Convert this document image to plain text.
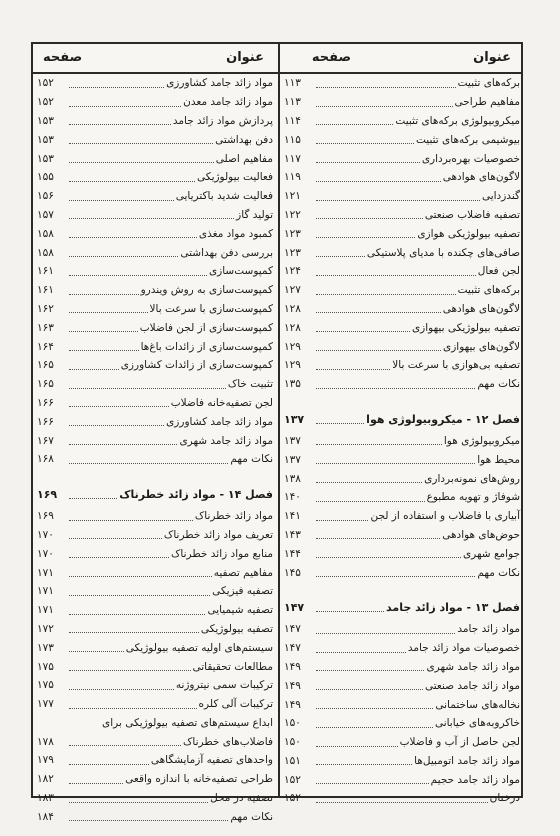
عنوان
صفحه
عنوان
صفحه
برکه‌های تثبیت
۱۱۳
مفاهیم طراحی
۱۱۳
میکروبیولوژی برکه‌های تثبیت
۱۱۴
بیوشیمی برکه‌های تثبیت
۱۱۵
خصوصیات بهره‌برداری
۱۱۷
لاگون‌های هوادهی
۱۱۹
گندزدایی
۱۲۱
تصفیه فاضلاب صنعتی
۱۲۲
تصفیه بیولوژیکی هوازی
۱۲۳
صافی‌های چکنده با مدیای پلاستیکی
۱۲۳
لجن فعال
۱۲۴
برکه‌های تثبیت
۱۲۷
لاگون‌های هوادهی
۱۲۸
تصفیه بیولوژیکی بیهوازی
۱۲۸
لاگون‌های بیهوازی
۱۲۹
تصفیه بی‌هوازی با سرعت بالا
۱۲۹
نکات مهم
۱۳۵
فصل ۱۲ - میکروبیولوژی هوا
۱۳۷
میکروبیولوژی هوا
۱۳۷
محیط هوا
۱۳۷
روش‌های نمونه‌برداری
۱۳۸
شوفاژ و تهویه مطبوع
۱۴۰
آبیاری با فاضلاب و استفاده از لجن
۱۴۱
حوض‌های هوادهی
۱۴۳
جوامع شهری
۱۴۴
نکات مهم
۱۴۵
فصل ۱۳ - مواد زائد جامد
۱۴۷
مواد زائد جامد
۱۴۷
خصوصیات مواد زائد جامد
۱۴۷
مواد زائد جامد شهری
۱۴۹
مواد زائد جامد صنعتی
۱۴۹
نخاله‌های ساختمانی
۱۴۹
خاکروبه‌های خیابانی
۱۵۰
لجن حاصل از آب و فاضلاب
۱۵۰
مواد زائد جامد اتومبیل‌ها
۱۵۱
مواد زائد جامد حجیم
۱۵۲
درختان
۱۵۲
مواد زائد جامد کشاورزی
۱۵۲
مواد زائد جامد معدن
۱۵۲
پردازش مواد زائد جامد
۱۵۳
دفن بهداشتی
۱۵۳
مفاهیم اصلی
۱۵۳
فعالیت بیولوژیکی
۱۵۵
فعالیت شدید باکتریایی
۱۵۶
تولید گاز
۱۵۷
کمبود مواد مغذی
۱۵۸
بررسی دفن بهداشتی
۱۵۸
کمپوست‌سازی
۱۶۱
کمپوست‌سازی به روش ویندرو
۱۶۱
کمپوست‌سازی با سرعت بالا
۱۶۲
کمپوست‌سازی از لجن فاضلاب
۱۶۳
کمپوست‌سازی از زائدات باغ‌ها
۱۶۴
کمپوست‌سازی از زائدات کشاورزی
۱۶۵
تثبیت خاک
۱۶۵
لجن تصفیه‌خانه فاضلاب
۱۶۶
مواد زائد جامد کشاورزی
۱۶۶
مواد زائد جامد شهری
۱۶۷
نکات مهم
۱۶۸
فصل ۱۴ - مواد زائد خطرناک
۱۶۹
مواد زائد خطرناک
۱۶۹
تعریف مواد زائد خطرناک
۱۷۰
منابع مواد زائد خطرناک
۱۷۰
مفاهیم تصفیه
۱۷۱
تصفیه فیزیکی
۱۷۱
تصفیه شیمیایی
۱۷۱
تصفیه بیولوژیکی
۱۷۲
سیستم‌های اولیه تصفیه بیولوژیکی
۱۷۳
مطالعات تحقیقاتی
۱۷۵
ترکیبات سمی نیتروژنه
۱۷۵
ترکیبات آلی کلره
۱۷۷
ابداع سیستم‌های تصفیه بیولوژیکی برای
فاضلاب‌های خطرناک
۱۷۸
واحدهای تصفیه آزمایشگاهی
۱۷۹
طراحی تصفیه‌خانه با اندازه واقعی
۱۸۲
تصفیه در محل
۱۸۳
نکات مهم
۱۸۴
